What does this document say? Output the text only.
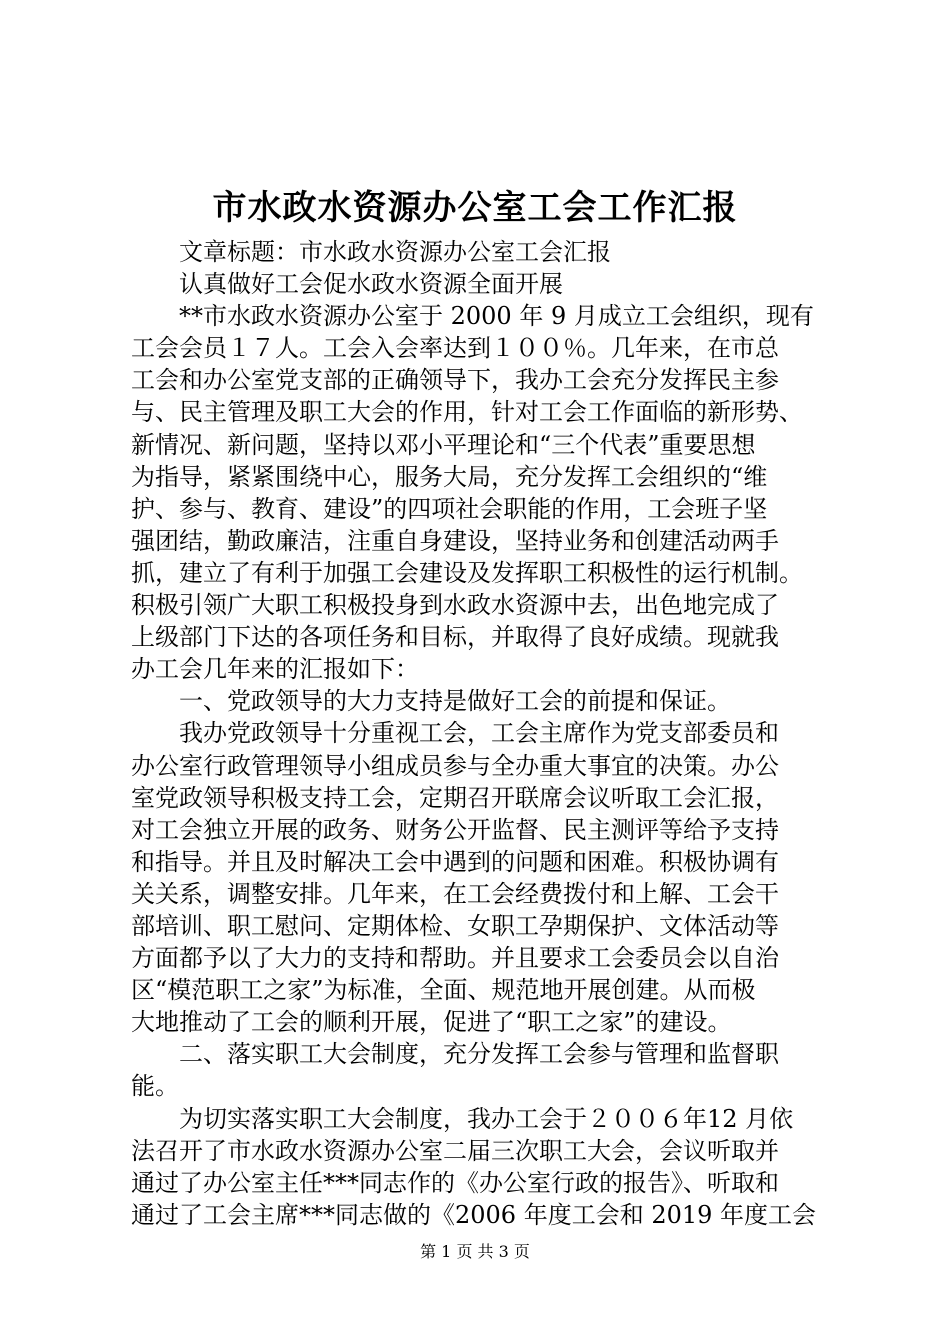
市水政水资源办公室工会工作汇报
文章标题：市水政水资源办公室工会汇报
认真做好工会促水政水资源全面开展
**市水政水资源办公室于 2000 年 9 月成立工会组织，现有
工会会员１７人。工会入会率达到１００％。几年来，在市总
工会和办公室党支部的正确领导下，我办工会充分发挥民主参
与、民主管理及职工大会的作用，针对工会工作面临的新形势、
新情况、新问题，坚持以邓小平理论和“三个代表”重要思想
为指导，紧紧围绕中心，服务大局，充分发挥工会组织的“维
护、参与、教育、建设”的四项社会职能的作用，工会班子坚
强团结，勤政廉洁，注重自身建设，坚持业务和创建活动两手
抓，建立了有利于加强工会建设及发挥职工积极性的运行机制。
积极引领广大职工积极投身到水政水资源中去，出色地完成了
上级部门下达的各项任务和目标，并取得了良好成绩。现就我
办工会几年来的汇报如下：
一、党政领导的大力支持是做好工会的前提和保证。
我办党政领导十分重视工会，工会主席作为党支部委员和
办公室行政管理领导小组成员参与全办重大事宜的决策。办公
室党政领导积极支持工会，定期召开联席会议听取工会汇报，
对工会独立开展的政务、财务公开监督、民主测评等给予支持
和指导。并且及时解决工会中遇到的问题和困难。积极协调有
关关系，调整安排。几年来，在工会经费拨付和上解、工会干
部培训、职工慰问、定期体检、女职工孕期保护、文体活动等
方面都予以了大力的支持和帮助。并且要求工会委员会以自治
区“模范职工之家”为标准，全面、规范地开展创建。从而极
大地推动了工会的顺利开展，促进了“职工之家”的建设。
二、落实职工大会制度，充分发挥工会参与管理和监督职
能。
为切实落实职工大会制度，我办工会于２００６年12 月依
法召开了市水政水资源办公室二届三次职工大会，会议听取并
通过了办公室主任***同志作的《办公室行政的报告》、听取和
通过了工会主席***同志做的《2006 年度工会和 2019 年度工会
第 1 页 共 3 页
